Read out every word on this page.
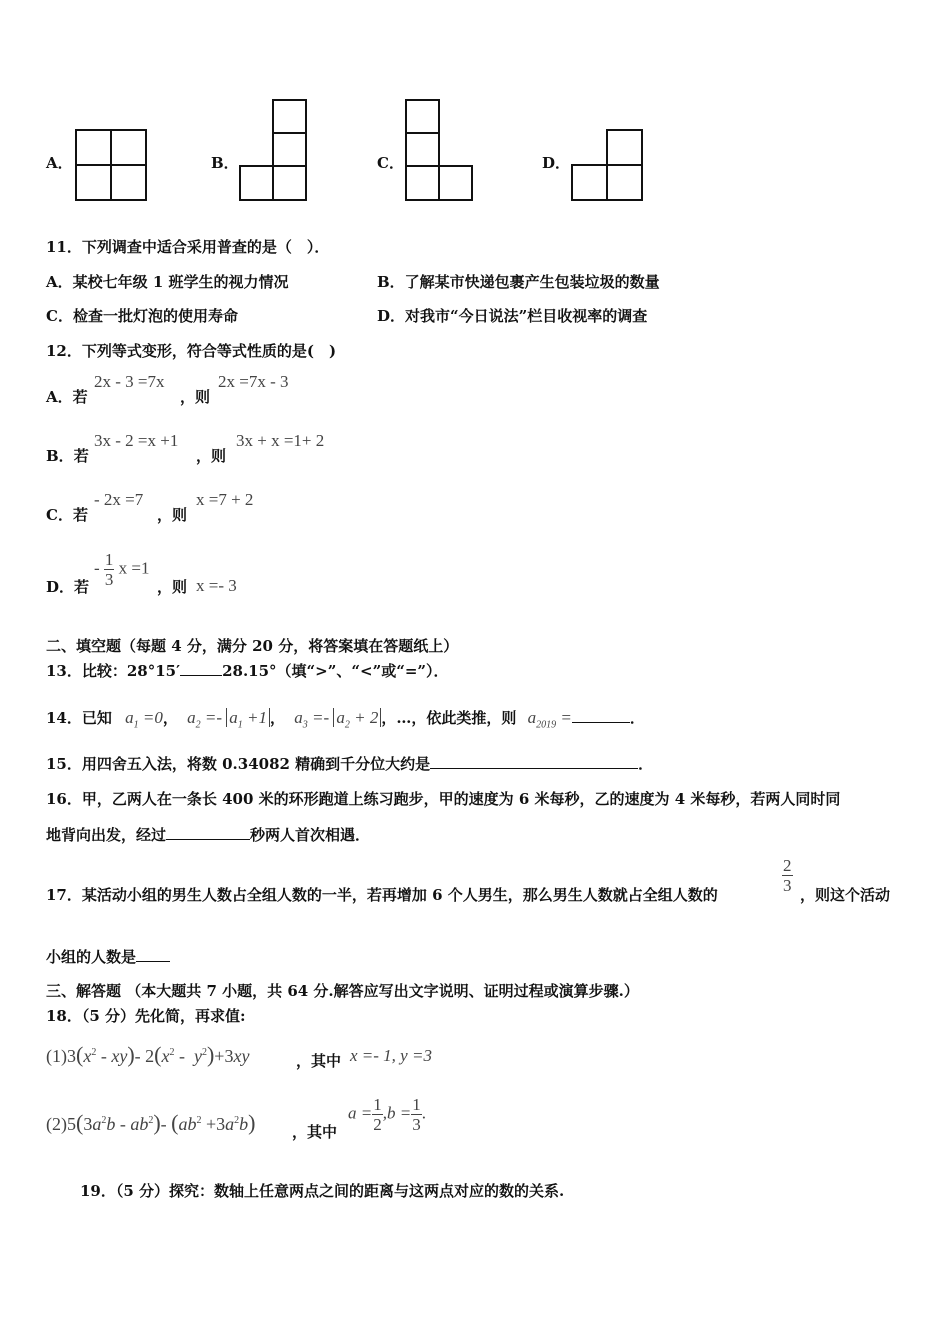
A．	B．	C．	D．
11．下列调查中适合采用普查的是（　）．
A．某校七年级 1 班学生的视力情况	B．了解某市快递包裹产生包装垃圾的数量
C．检查一批灯泡的使用寿命	D．对我市“今日说法”栏目收视率的调查
12．下列等式变形，符合等式性质的是(　)
A．若
2x - 3 =7x
，则
2x =7x - 3
B．若
3x - 2 =x +1
，则
3x + x =1+ 2
C．若
- 2x =7
，则
x =7 + 2
D．若
- $\frac{1}{3}$ x =1
，则 x =- 3
二、填空题（每题 4 分，满分 20 分，将答案填在答题纸上）
13．比较：28°15′	28.15°（填“>”、“<”或“=”）．
14．已知 $a_1 =0$， $a_2 =- a_1 +1$ ， $a_3 =- a_2 + 2$ ，…，依此类推，则 $a_{2019}$ =	．
15．用四舍五入法，将数 0.34082 精确到千分位大约是	．
16．甲，乙两人在一条长 400 米的环形跑道上练习跑步，甲的速度为 6 米每秒，乙的速度为 4 米每秒，若两人同时同
地背向出发，经过	秒两人首次相遇．
17．某活动小组的男生人数占全组人数的一半，若再增加 6 个人男生，那么男生人数就占全组人数的
$\frac{2}{3}$
，则这个活动
小组的人数是
三、解答题 （本大题共 7 小题，共 64 分.解答应写出文字说明、证明过程或演算步骤.）
18．（5 分）先化简，再求值:
$(1)3(x^2 - xy)-$ $2(x^2 - y^2)+3xy$	，其中 x =- 1, y =3
$(2)5(3a^2b - ab^2)-$ $(ab^2 +3a^2b)$ ，其中
$a = \frac{1}{2} ,b = \frac{1}{3}$ .
19．（5 分）探究：数轴上任意两点之间的距离与这两点对应的数的关系.
